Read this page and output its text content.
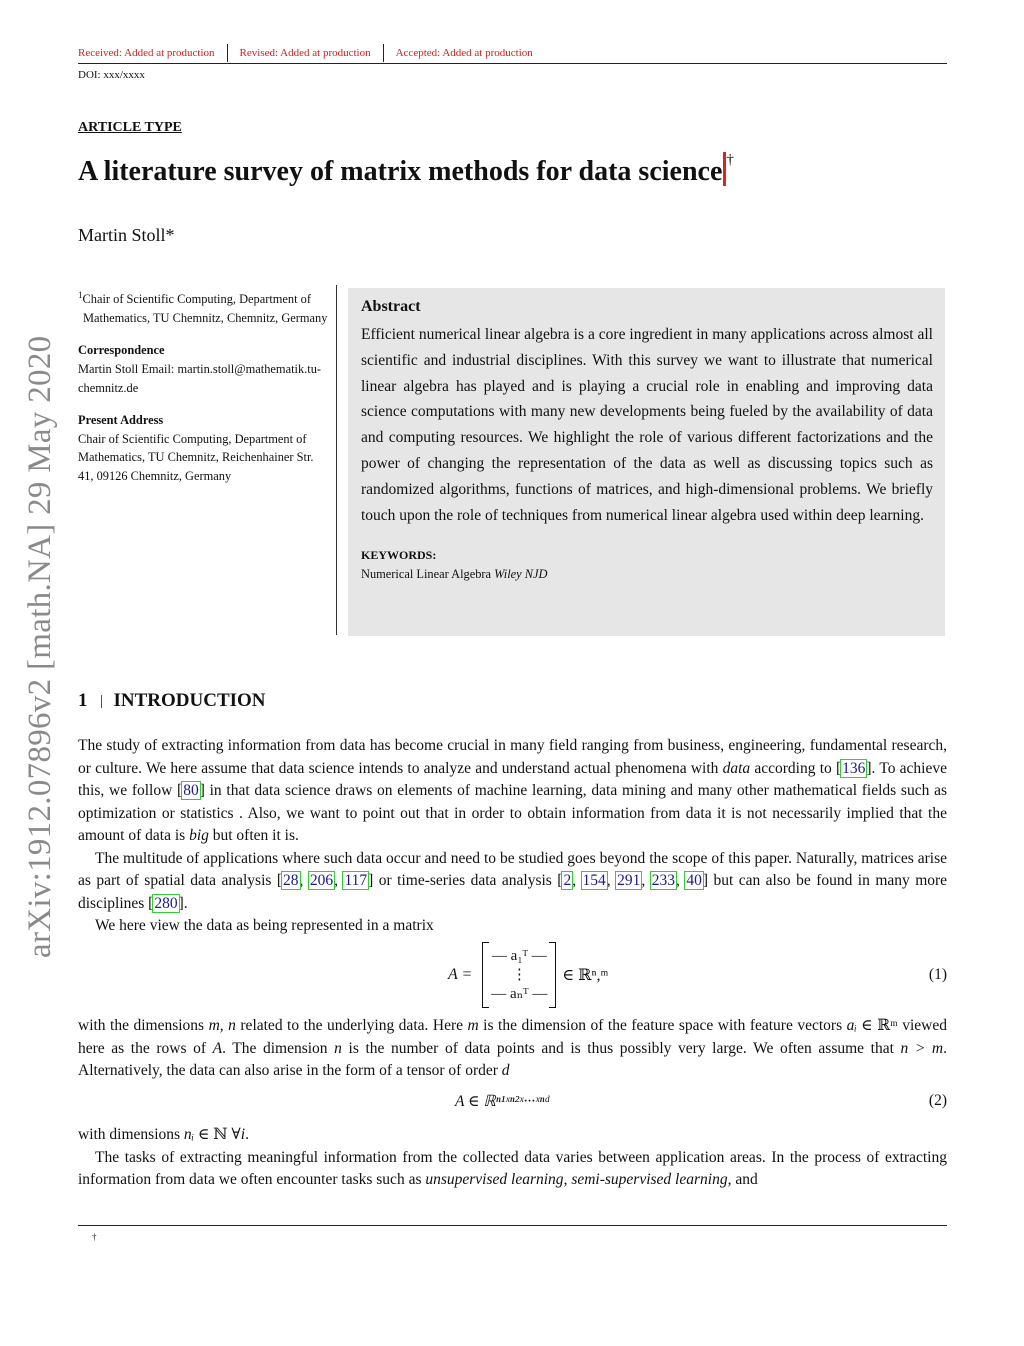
Received: Added at production	Revised: Added at production	Accepted: Added at production
DOI: xxx/xxxx
ARTICLE TYPE
A literature survey of matrix methods for data science †
Martin Stoll*
$^1$Chair of Scientific Computing, Department of Mathematics, TU Chemnitz, Chemnitz, Germany
Correspondence
Martin Stoll Email: martin.stoll@mathematik.tu-chemnitz.de
Present Address
Chair of Scientific Computing, Department of Mathematics, TU Chemnitz, Reichenhainer Str. 41, 09126 Chemnitz, Germany
Abstract
Efficient numerical linear algebra is a core ingredient in many applications across almost all scientific and industrial disciplines. With this survey we want to illustrate that numerical linear algebra has played and is playing a crucial role in enabling and improving data science computations with many new developments being fueled by the availability of data and computing resources. We highlight the role of various different factorizations and the power of changing the representation of the data as well as discussing topics such as randomized algorithms, functions of matrices, and high-dimensional problems. We briefly touch upon the role of techniques from numerical linear algebra used within deep learning.
KEYWORDS:
Numerical Linear Algebra Wiley NJD
arXiv:1912.07896v2 [math.NA] 29 May 2020 1 INTRODUCTION

The study of extracting information from data has become crucial in many field ranging from business, engineering, fundamental research, or culture. We here assume that data science intends to analyze and understand actual phenomena with data according to [136]. To achieve this, we follow [80] in that data science draws on elements of machine learning, data mining and many other mathematical fields such as optimization or statistics . Also, we want to point out that in order to obtain information from data it is not necessarily implied that the amount of data is big but often it is.

The multitude of applications where such data occur and need to be studied goes beyond the scope of this paper. Naturally, matrices arise as part of spatial data analysis [28, 206, 117] or time-series data analysis [2, 154, 291, 233, 40] but can also be found in many more disciplines [280].

We here view the data as being represented in a matrix

A =
— a₁ᵀ —
⋮
— aₙᵀ —
∈ ℝⁿ,ᵐ	(1)

with the dimensions m, n related to the underlying data. Here m is the dimension of the feature space with feature vectors aᵢ ∈ ℝᵐ viewed here as the rows of A. The dimension n is the number of data points and is thus possibly very large. We often assume that n > m. Alternatively, the data can also arise in the form of a tensor of order d

A ∈ ℝⁿ¹ˣⁿ²ˣ···ˣⁿᵈ	(2)

with dimensions nᵢ ∈ ℕ ∀i.

The tasks of extracting meaningful information from the collected data varies between application areas. In the process of extracting information from data we often encounter tasks such as unsupervised learning, semi-supervised learning, and

†
